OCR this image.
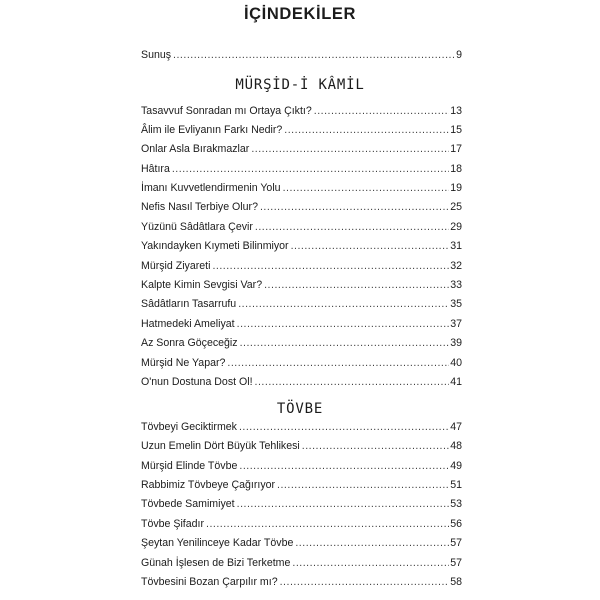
İÇİNDEKİLER
Sunuş .....	9
MÜRŞİD-İ KÂMİL
Tasavvuf Sonradan mı Ortaya Çıktı? .....	13
Âlim ile Evliyanın Farkı Nedir? .....	15
Onlar Asla Bırakmazlar .....	17
Hâtıra .....	18
İmanı Kuvvetlendirmenin Yolu .....	19
Nefis Nasıl Terbiye Olur? .....	25
Yüzünü Sâdâtlara Çevir .....	29
Yakındayken Kıymeti Bilinmiyor .....	31
Mürşid Ziyareti .....	32
Kalpte Kimin Sevgisi Var? .....	33
Sâdâtların Tasarrufu .....	35
Hatmedeki Ameliyat .....	37
Az Sonra Göçeceğiz .....	39
Mürşid Ne Yapar? .....	40
O'nun Dostuna Dost Ol! .....	41
TÖVBE
Tövbeyi Geciktirmek .....	47
Uzun Emelin Dört Büyük Tehlikesi .....	48
Mürşid Elinde Tövbe .....	49
Rabbimiz Tövbeye Çağırıyor .....	51
Tövbede Samimiyet .....	53
Tövbe Şifadır .....	56
Şeytan Yenilinceye Kadar Tövbe .....	57
Günah İşlesen de Bizi Terketme .....	57
Tövbesini Bozan Çarpılır mı? .....	58
